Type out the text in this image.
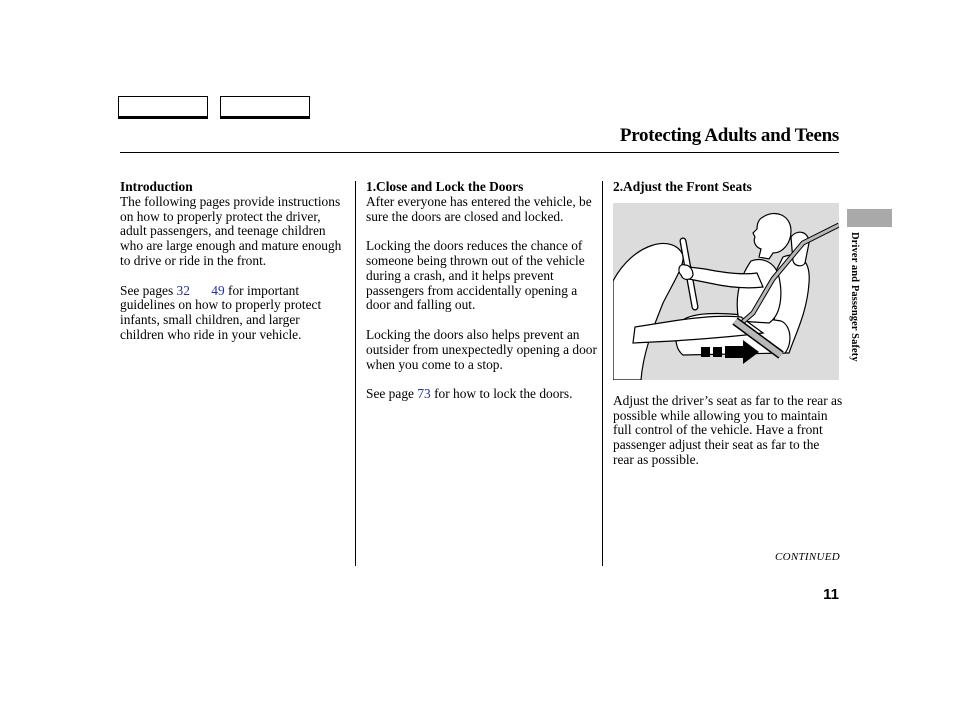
Protecting Adults and Teens
Introduction

The following pages provide instructions on how to properly protect the driver, adult passengers, and teenage children who are large enough and mature enough to drive or ride in the front.

See pages 32 49 for important guidelines on how to properly protect infants, small children, and larger children who ride in your vehicle.

1.Close and Lock the Doors

After everyone has entered the vehicle, be sure the doors are closed and locked.

Locking the doors reduces the chance of someone being thrown out of the vehicle during a crash, and it helps prevent passengers from accidentally opening a door and falling out.

Locking the doors also helps prevent an outsider from unexpectedly opening a door when you come to a stop.

See page 73 for how to lock the doors.

2.Adjust the Front Seats

Adjust the driver’s seat as far to the rear as possible while allowing you to maintain full control of the vehicle. Have a front passenger adjust their seat as far to the rear as possible.

Driver and Passenger Safety
CONTINUED
11
